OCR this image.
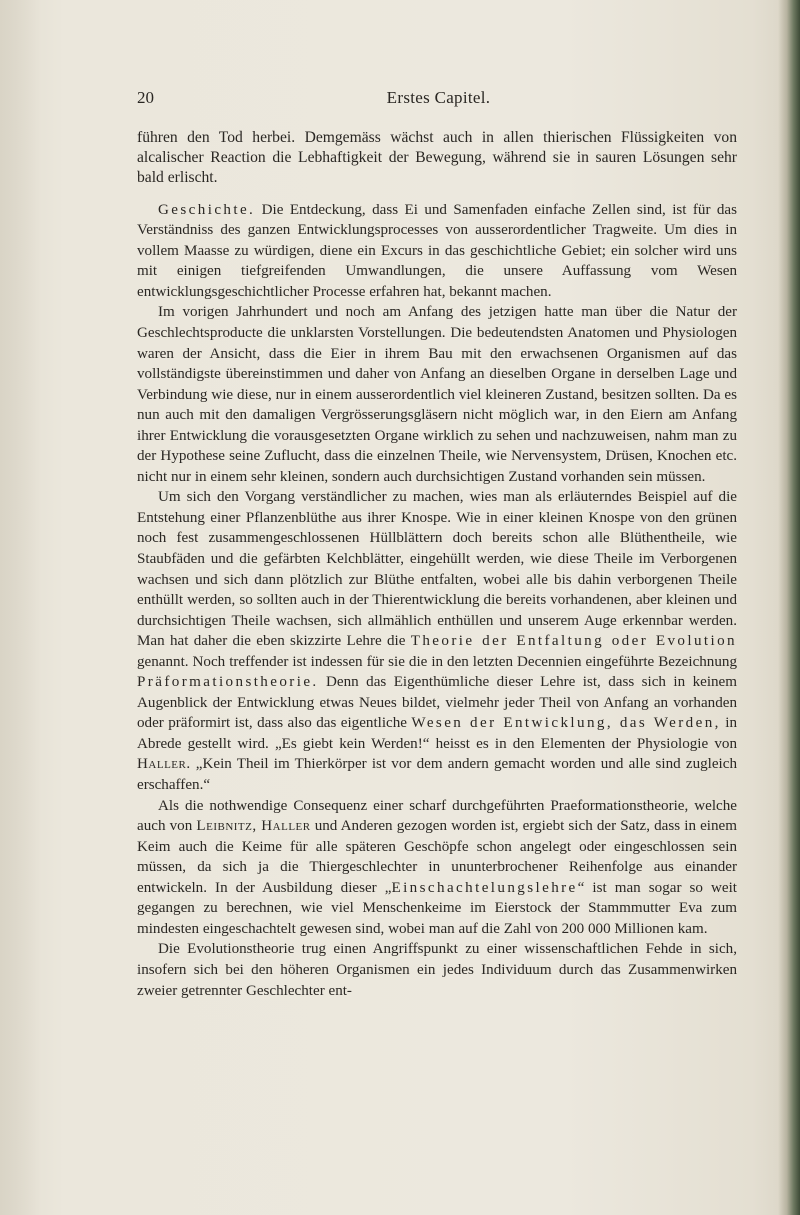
20	Erstes Capitel.

führen den Tod herbei. Demgemäss wächst auch in allen thierischen Flüssigkeiten von alcalischer Reaction die Lebhaftigkeit der Bewegung, während sie in sauren Lösungen sehr bald erlischt.

Geschichte. Die Entdeckung, dass Ei und Samenfaden einfache Zellen sind, ist für das Verständniss des ganzen Entwicklungsprocesses von ausserordentlicher Tragweite. Um dies in vollem Maasse zu würdigen, diene ein Excurs in das geschichtliche Gebiet; ein solcher wird uns mit einigen tiefgreifenden Umwandlungen, die unsere Auffassung vom Wesen entwicklungsgeschichtlicher Processe erfahren hat, bekannt machen.

Im vorigen Jahrhundert und noch am Anfang des jetzigen hatte man über die Natur der Geschlechtsproducte die unklarsten Vorstellungen. Die bedeutendsten Anatomen und Physiologen waren der Ansicht, dass die Eier in ihrem Bau mit den erwachsenen Organismen auf das vollständigste übereinstimmen und daher von Anfang an dieselben Organe in derselben Lage und Verbindung wie diese, nur in einem ausserordentlich viel kleineren Zustand, besitzen sollten. Da es nun auch mit den damaligen Vergrösserungsgläsern nicht möglich war, in den Eiern am Anfang ihrer Entwicklung die vorausgesetzten Organe wirklich zu sehen und nachzuweisen, nahm man zu der Hypothese seine Zuflucht, dass die einzelnen Theile, wie Nervensystem, Drüsen, Knochen etc. nicht nur in einem sehr kleinen, sondern auch durchsichtigen Zustand vorhanden sein müssen.

Um sich den Vorgang verständlicher zu machen, wies man als erläuterndes Beispiel auf die Entstehung einer Pflanzenblüthe aus ihrer Knospe. Wie in einer kleinen Knospe von den grünen noch fest zusammengeschlossenen Hüllblättern doch bereits schon alle Blüthentheile, wie Staubfäden und die gefärbten Kelchblätter, eingehüllt werden, wie diese Theile im Verborgenen wachsen und sich dann plötzlich zur Blüthe entfalten, wobei alle bis dahin verborgenen Theile enthüllt werden, so sollten auch in der Thierentwicklung die bereits vorhandenen, aber kleinen und durchsichtigen Theile wachsen, sich allmählich enthüllen und unserem Auge erkennbar werden. Man hat daher die eben skizzirte Lehre die Theorie der Entfaltung oder Evolution genannt. Noch treffender ist indessen für sie die in den letzten Decennien eingeführte Bezeichnung Präformationstheorie. Denn das Eigenthümliche dieser Lehre ist, dass sich in keinem Augenblick der Entwicklung etwas Neues bildet, vielmehr jeder Theil von Anfang an vorhanden oder präformirt ist, dass also das eigentliche Wesen der Entwicklung, das Werden, in Abrede gestellt wird. „Es giebt kein Werden!“ heisst es in den Elementen der Physiologie von Haller. „Kein Theil im Thierkörper ist vor dem andern gemacht worden und alle sind zugleich erschaffen.“

Als die nothwendige Consequenz einer scharf durchgeführten Praeformationstheorie, welche auch von Leibnitz, Haller und Anderen gezogen worden ist, ergiebt sich der Satz, dass in einem Keim auch die Keime für alle späteren Geschöpfe schon angelegt oder eingeschlossen sein müssen, da sich ja die Thiergeschlechter in ununterbrochener Reihenfolge aus einander entwickeln. In der Ausbildung dieser „Einschachtelungslehre“ ist man sogar so weit gegangen zu berechnen, wie viel Menschenkeime im Eierstock der Stammmutter Eva zum mindesten eingeschachtelt gewesen sind, wobei man auf die Zahl von 200 000 Millionen kam.

Die Evolutionstheorie trug einen Angriffspunkt zu einer wissenschaftlichen Fehde in sich, insofern sich bei den höheren Organismen ein jedes Individuum durch das Zusammenwirken zweier getrennter Geschlechter ent-
